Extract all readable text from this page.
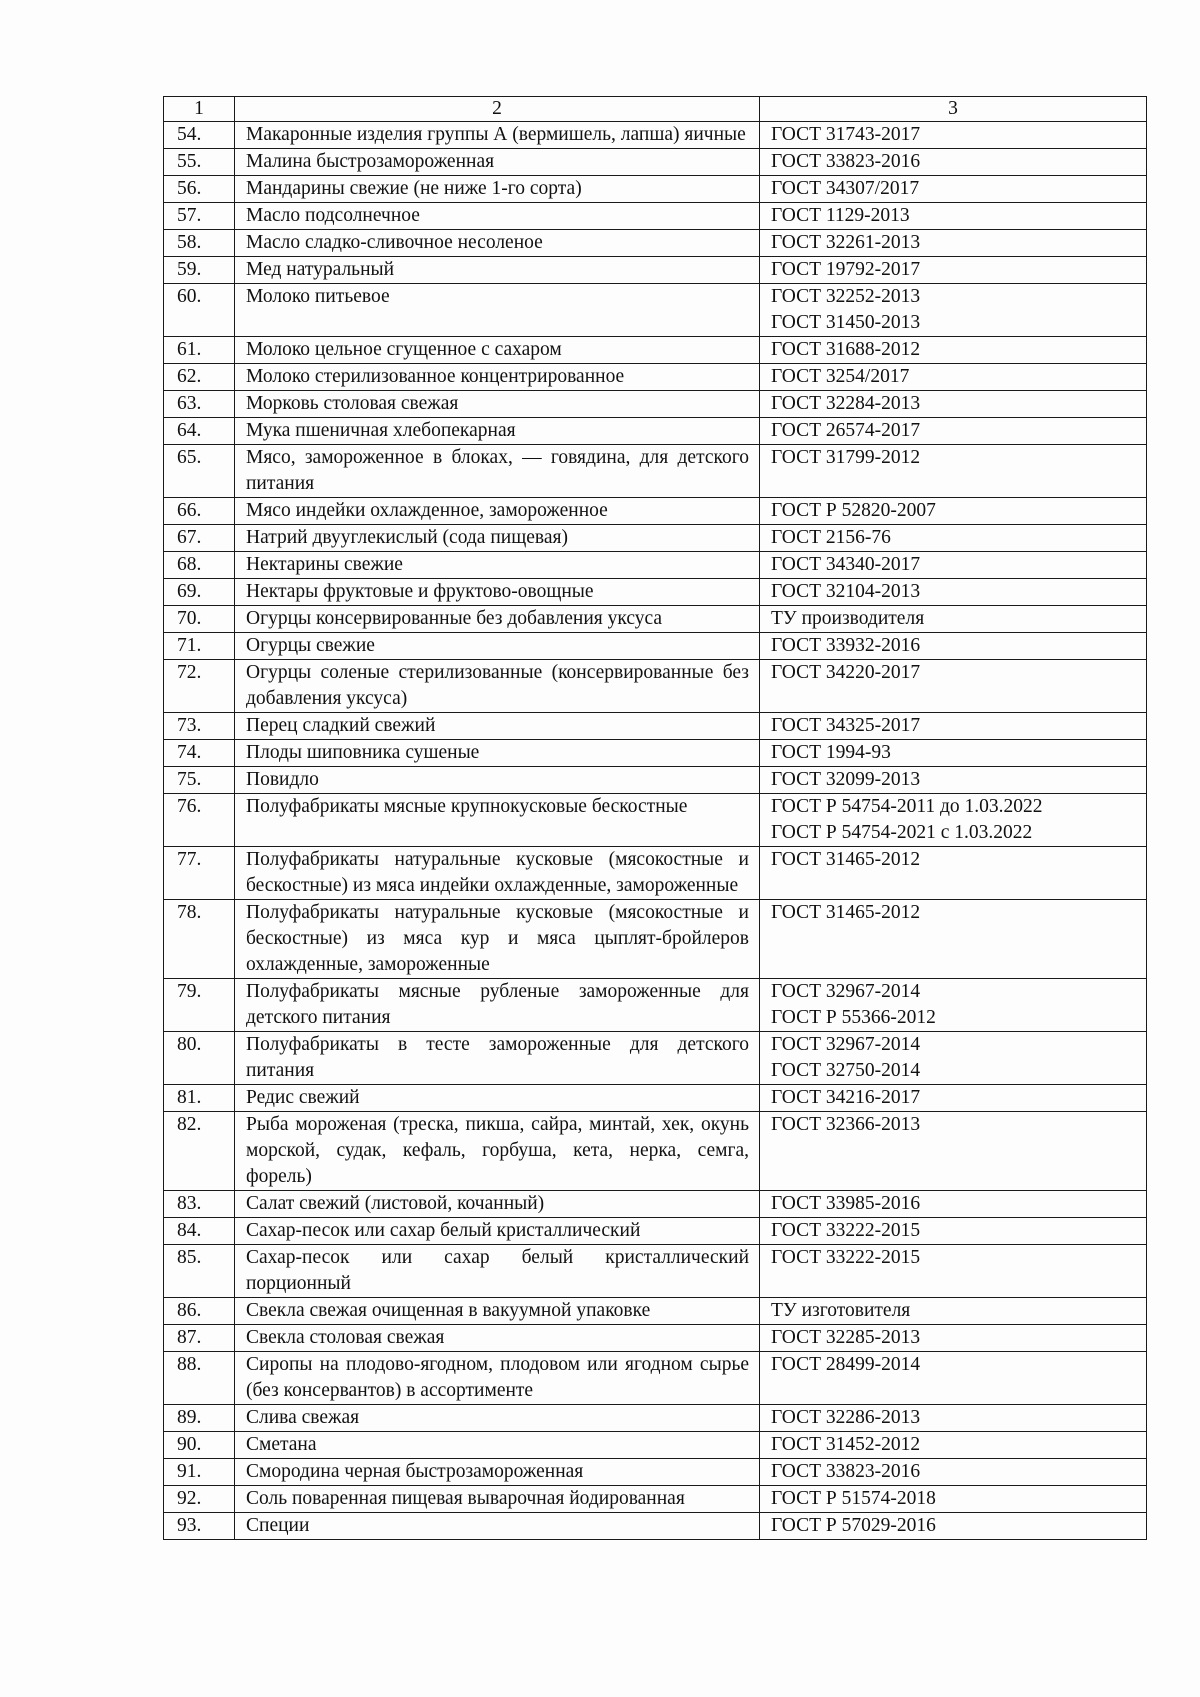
1	2	3
54.	Макаронные изделия группы А (вермишель, лапша) яичные	ГОСТ 31743-2017
55.	Малина быстрозамороженная	ГОСТ 33823-2016
56.	Мандарины свежие (не ниже 1-го сорта)	ГОСТ 34307/2017
57.	Масло подсолнечное	ГОСТ 1129-2013
58.	Масло сладко-сливочное несоленое	ГОСТ 32261-2013
59.	Мед натуральный	ГОСТ 19792-2017
60.	Молоко питьевое	ГОСТ 32252-2013
ГОСТ 31450-2013
61.	Молоко цельное сгущенное с сахаром	ГОСТ 31688-2012
62.	Молоко стерилизованное концентрированное	ГОСТ 3254/2017
63.	Морковь столовая свежая	ГОСТ 32284-2013
64.	Мука пшеничная хлебопекарная	ГОСТ 26574-2017
65.	Мясо, замороженное в блоках, — говядина, для детского питания	ГОСТ 31799-2012
66.	Мясо индейки охлажденное, замороженное	ГОСТ Р 52820-2007
67.	Натрий двууглекислый (сода пищевая)	ГОСТ 2156-76
68.	Нектарины свежие	ГОСТ 34340-2017
69.	Нектары фруктовые и фруктово-овощные	ГОСТ 32104-2013
70.	Огурцы консервированные без добавления уксуса	ТУ производителя
71.	Огурцы свежие	ГОСТ 33932-2016
72.	Огурцы соленые стерилизованные (консервированные без добавления уксуса)	ГОСТ 34220-2017
73.	Перец сладкий свежий	ГОСТ 34325-2017
74.	Плоды шиповника сушеные	ГОСТ 1994-93
75.	Повидло	ГОСТ 32099-2013
76.	Полуфабрикаты мясные крупнокусковые бескостные	ГОСТ Р 54754-2011 до 1.03.2022
ГОСТ Р 54754-2021 с 1.03.2022
77.	Полуфабрикаты натуральные кусковые (мясокостные и бескостные) из мяса индейки охлажденные, замороженные	ГОСТ 31465-2012
78.	Полуфабрикаты натуральные кусковые (мясокостные и бескостные) из мяса кур и мяса цыплят-бройлеров охлажденные, замороженные	ГОСТ 31465-2012
79.	Полуфабрикаты мясные рубленые замороженные для детского питания	ГОСТ 32967-2014
ГОСТ Р 55366-2012
80.	Полуфабрикаты в тесте замороженные для детского питания	ГОСТ 32967-2014
ГОСТ 32750-2014
81.	Редис свежий	ГОСТ 34216-2017
82.	Рыба мороженая (треска, пикша, сайра, минтай, хек, окунь морской, судак, кефаль, горбуша, кета, нерка, семга, форель)	ГОСТ 32366-2013
83.	Салат свежий (листовой, кочанный)	ГОСТ 33985-2016
84.	Сахар-песок или сахар белый кристаллический	ГОСТ 33222-2015
85.	Сахар-песок или сахар белый кристаллический порционный	ГОСТ 33222-2015
86.	Свекла свежая очищенная в вакуумной упаковке	ТУ изготовителя
87.	Свекла столовая свежая	ГОСТ 32285-2013
88.	Сиропы на плодово-ягодном, плодовом или ягодном сырье (без консервантов) в ассортименте	ГОСТ 28499-2014
89.	Слива свежая	ГОСТ 32286-2013
90.	Сметана	ГОСТ 31452-2012
91.	Смородина черная быстрозамороженная	ГОСТ 33823-2016
92.	Соль поваренная пищевая выварочная йодированная	ГОСТ Р 51574-2018
93.	Специи	ГОСТ Р 57029-2016
